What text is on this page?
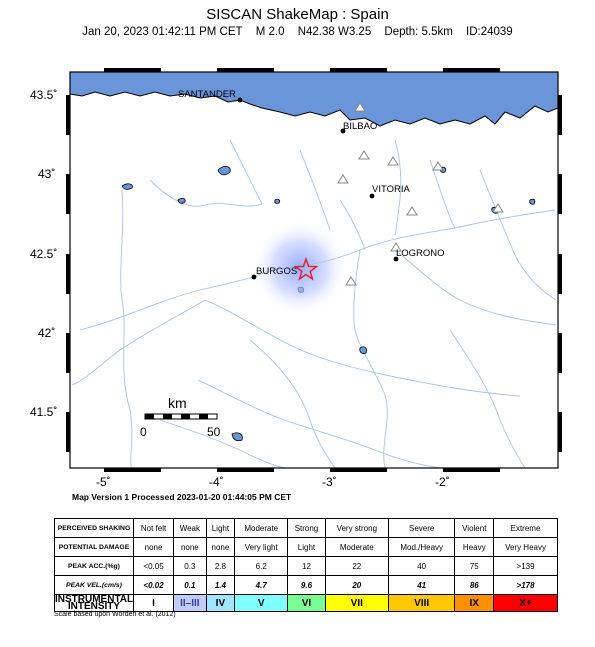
SISCAN ShakeMap : Spain
Jan 20, 2023 01:42:11 PM CET M 2.0 N42.38 W3.25 Depth: 5.5km ID:24039
43.5˚
43˚
42.5˚
42˚
41.5˚
-5˚	-4˚	-3˚	-2˚
SANTANDER
BILBAO
VITORIA
BURGOS
LOGRONO
km
0	50
Map Version 1 Processed 2023-01-20 01:44:05 PM CET
PERCEIVED SHAKING	Not felt	Weak	Light	Moderate	Strong	Very strong	Severe	Violent	Extreme
POTENTIAL DAMAGE	none	none	none	Very light	Light	Moderate	Mod./Heavy	Heavy	Very Heavy
PEAK ACC.(%g)	<0.05	0.3	2.8	6.2	12	22	40	75	>139
PEAK VEL.(cm/s)	<0.02	0.1	1.4	4.7	9.6	20	41	86	>178
INSTRUMENTAL INTENSITY	I	II–III	IV	V	VI	VII	VIII	IX	X+
Scale based upon Worden et al. (2012)
